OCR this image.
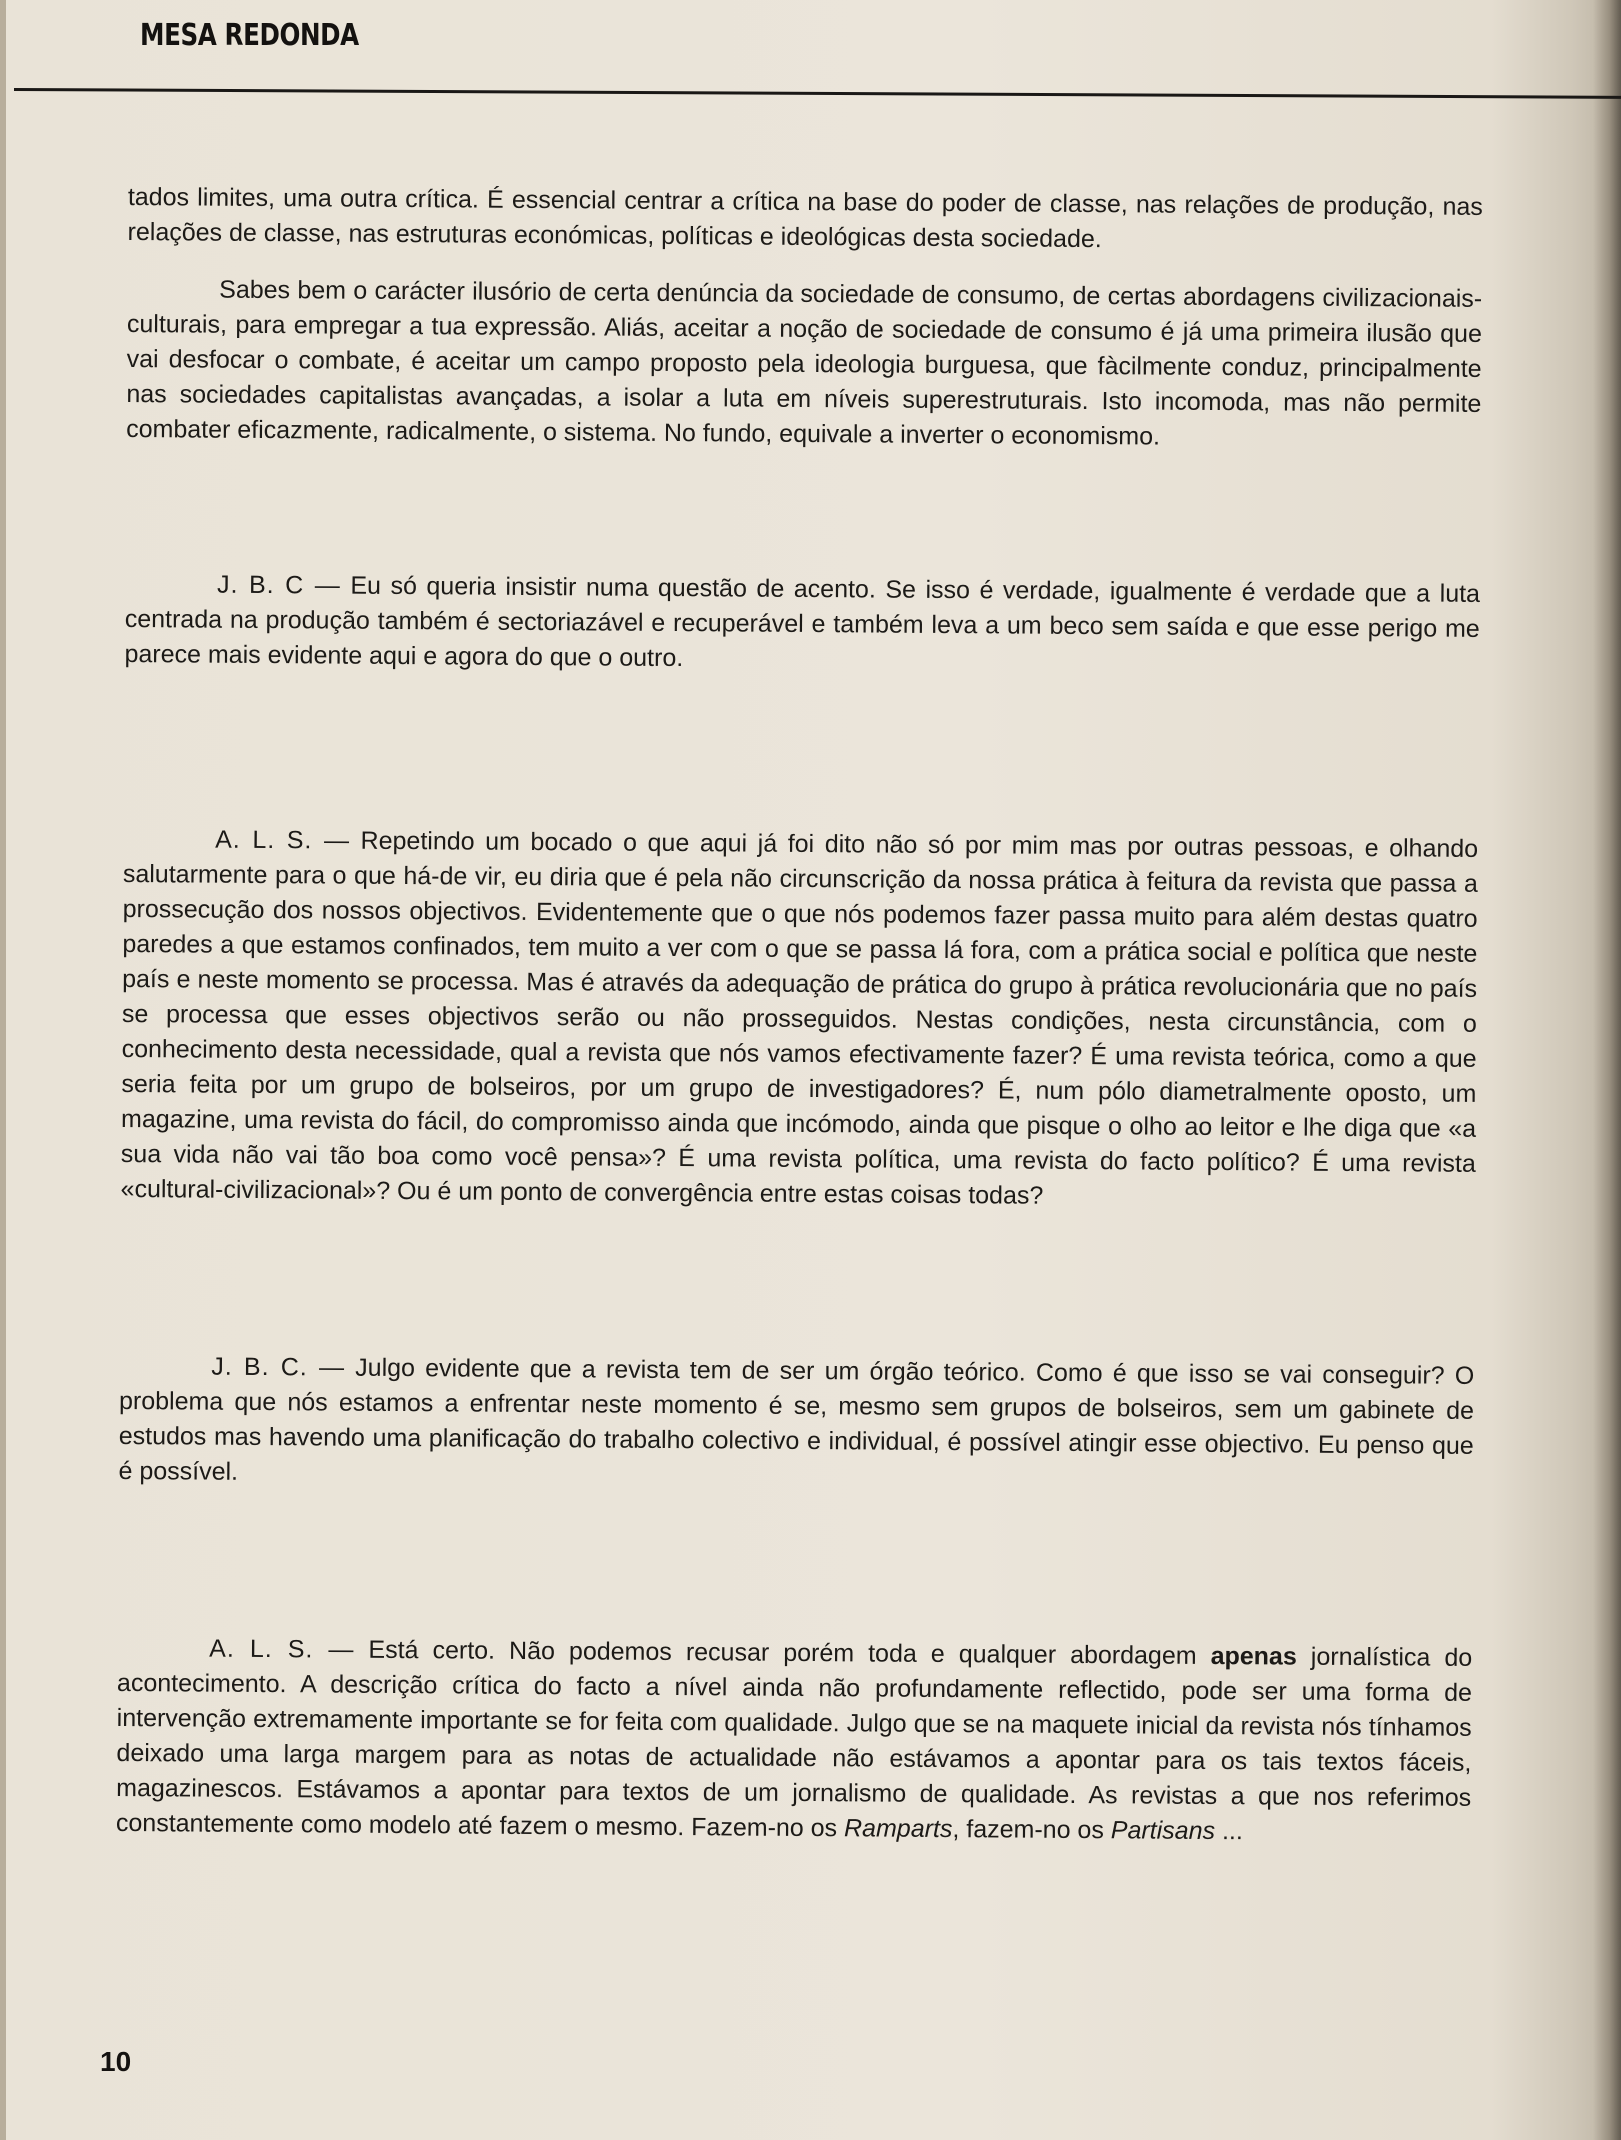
MESA REDONDA

tados limites, uma outra crítica. É essencial centrar a crítica na base do poder de classe, nas relações de produção, nas relações de classe, nas estruturas económicas, políticas e ideológicas desta sociedade.

Sabes bem o carácter ilusório de certa denúncia da sociedade de consumo, de certas abordagens civilizacionais-culturais, para empregar a tua expressão. Aliás, aceitar a noção de sociedade de consumo é já uma primeira ilusão que vai desfocar o combate, é aceitar um campo proposto pela ideologia burguesa, que fàcilmente conduz, principalmente nas sociedades capitalistas avançadas, a isolar a luta em níveis superestruturais. Isto incomoda, mas não permite combater eficazmente, radicalmente, o sistema. No fundo, equivale a inverter o economismo.

J. B. C — Eu só queria insistir numa questão de acento. Se isso é verdade, igualmente é verdade que a luta centrada na produção também é sectoriazável e recuperável e também leva a um beco sem saída e que esse perigo me parece mais evidente aqui e agora do que o outro.

A. L. S. — Repetindo um bocado o que aqui já foi dito não só por mim mas por outras pessoas, e olhando salutarmente para o que há-de vir, eu diria que é pela não circunscrição da nossa prática à feitura da revista que passa a prossecução dos nossos objectivos. Evidentemente que o que nós podemos fazer passa muito para além destas quatro paredes a que estamos confinados, tem muito a ver com o que se passa lá fora, com a prática social e política que neste país e neste momento se processa. Mas é através da adequação de prática do grupo à prática revolucionária que no país se processa que esses objectivos serão ou não prosseguidos. Nestas condições, nesta circunstância, com o conhecimento desta necessidade, qual a revista que nós vamos efectivamente fazer? É uma revista teórica, como a que seria feita por um grupo de bolseiros, por um grupo de investigadores? É, num pólo diametralmente oposto, um magazine, uma revista do fácil, do compromisso ainda que incómodo, ainda que pisque o olho ao leitor e lhe diga que «a sua vida não vai tão boa como você pensa»? É uma revista política, uma revista do facto político? É uma revista «cultural-civilizacional»? Ou é um ponto de convergência entre estas coisas todas?

J. B. C. — Julgo evidente que a revista tem de ser um órgão teórico. Como é que isso se vai conseguir? O problema que nós estamos a enfrentar neste momento é se, mesmo sem grupos de bolseiros, sem um gabinete de estudos mas havendo uma planificação do trabalho colectivo e individual, é possível atingir esse objectivo. Eu penso que é possível.

A. L. S. — Está certo. Não podemos recusar porém toda e qualquer abordagem apenas jornalística do acontecimento. A descrição crítica do facto a nível ainda não profundamente reflectido, pode ser uma forma de intervenção extremamente importante se for feita com qualidade. Julgo que se na maquete inicial da revista nós tínhamos deixado uma larga margem para as notas de actualidade não estávamos a apontar para os tais textos fáceis, magazinescos. Estávamos a apontar para textos de um jornalismo de qualidade. As revistas a que nos referimos constantemente como modelo até fazem o mesmo. Fazem-no os Ramparts, fazem-no os Partisans ...

10
